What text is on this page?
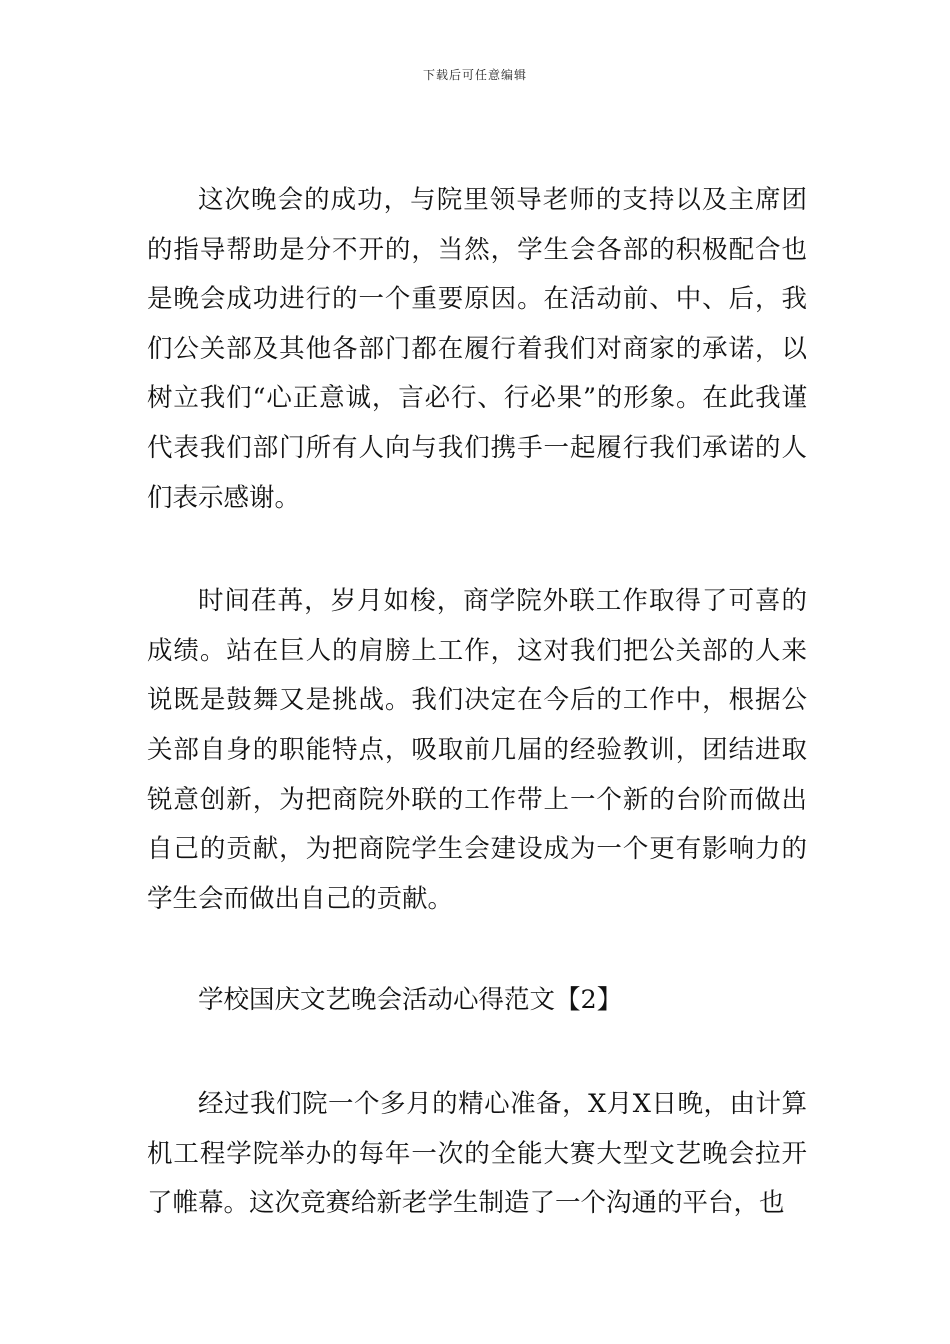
下载后可任意编辑

这次晚会的成功，与院里领导老师的支持以及主席团的指导帮助是分不开的，当然，学生会各部的积极配合也是晚会成功进行的一个重要原因。在活动前、中、后，我们公关部及其他各部门都在履行着我们对商家的承诺，以树立我们“心正意诚，言必行、行必果”的形象。在此我谨代表我们部门所有人向与我们携手一起履行我们承诺的人们表示感谢。

时间荏苒，岁月如梭，商学院外联工作取得了可喜的成绩。站在巨人的肩膀上工作，这对我们把公关部的人来说既是鼓舞又是挑战。我们决定在今后的工作中，根据公关部自身的职能特点，吸取前几届的经验教训，团结进取锐意创新，为把商院外联的工作带上一个新的台阶而做出自己的贡献，为把商院学生会建设成为一个更有影响力的学生会而做出自己的贡献。

学校国庆文艺晚会活动心得范文【2】

经过我们院一个多月的精心准备，X月X日晚，由计算机工程学院举办的每年一次的全能大赛大型文艺晚会拉开了帷幕。这次竞赛给新老学生制造了一个沟通的平台，也
